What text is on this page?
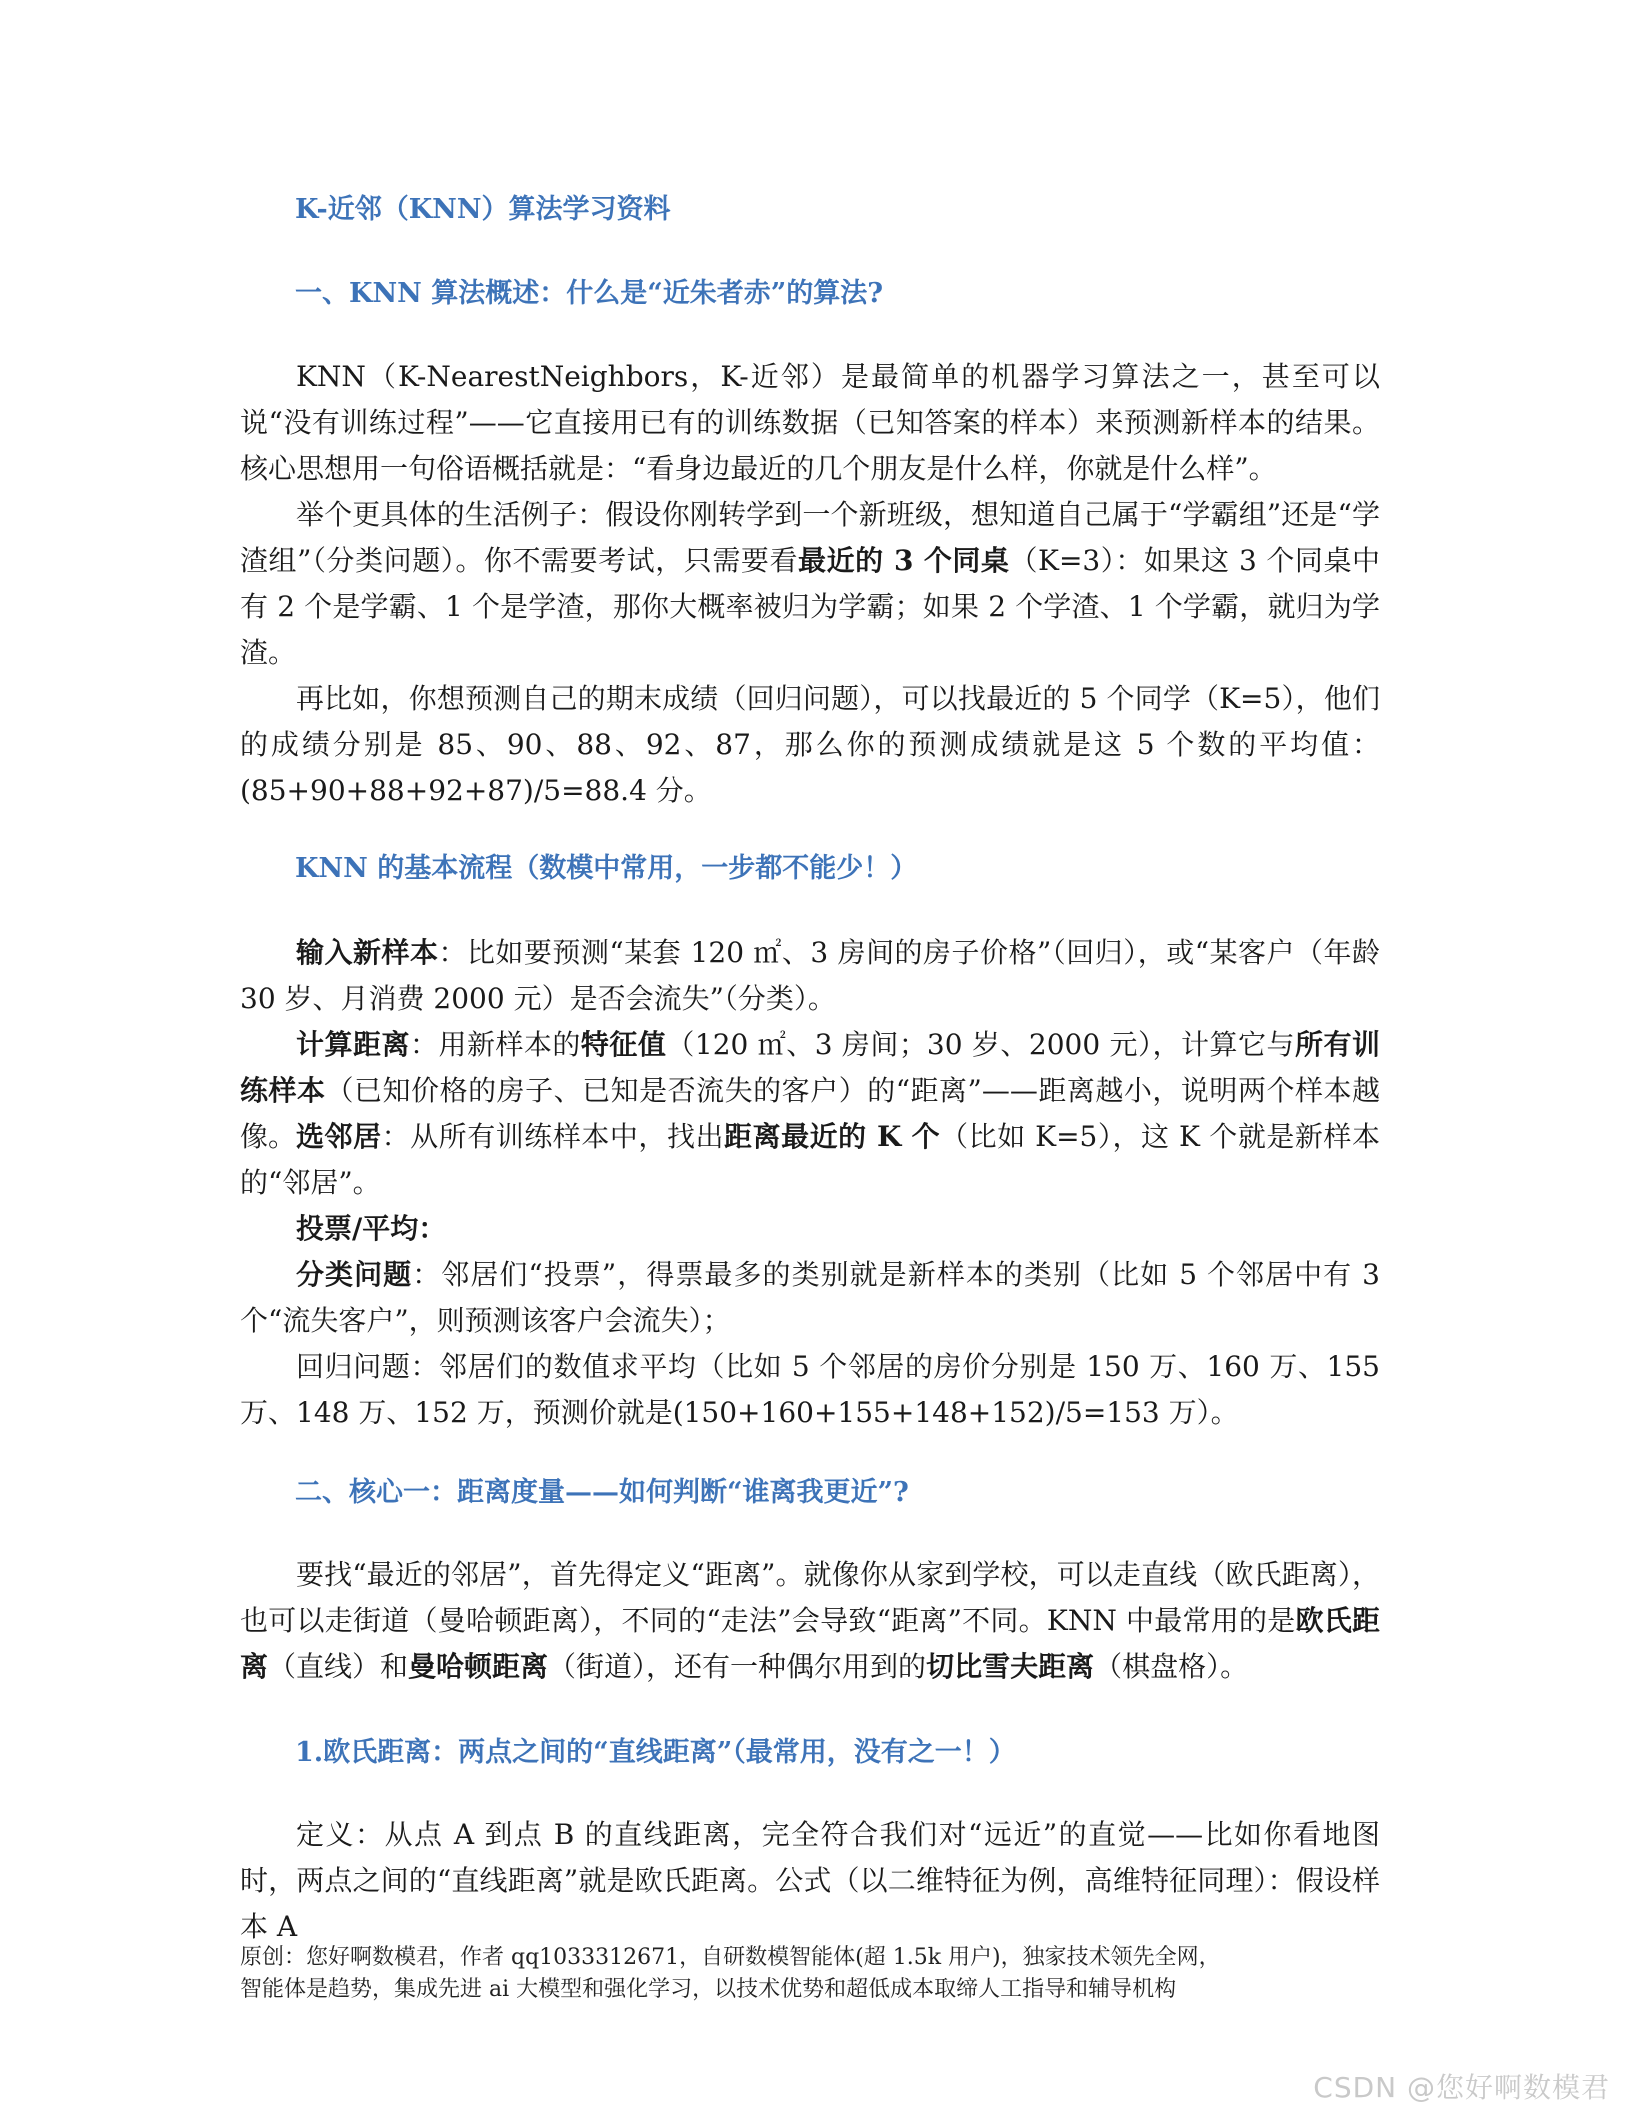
K-近邻（KNN）算法学习资料
一、KNN 算法概述：什么是“近朱者赤”的算法?

KNN（K-NearestNeighbors，K-近邻）是最简单的机器学习算法之一，甚至可以说“没有训练过程”——它直接用已有的训练数据（已知答案的样本）来预测新样本的结果。核心思想用一句俗语概括就是：“看身边最近的几个朋友是什么样，你就是什么样”。

举个更具体的生活例子：假设你刚转学到一个新班级，想知道自己属于“学霸组”还是“学渣组”（分类问题）。你不需要考试，只需要看最近的 3 个同桌（K=3）：如果这 3 个同桌中有 2 个是学霸、1 个是学渣，那你大概率被归为学霸；如果 2 个学渣、1 个学霸，就归为学渣。

再比如，你想预测自己的期末成绩（回归问题），可以找最近的 5 个同学（K=5），他们的成绩分别是 85、90、88、92、87，那么你的预测成绩就是这 5 个数的平均值：(85+90+88+92+87)/5=88.4 分。

KNN 的基本流程（数模中常用，一步都不能少！）

输入新样本：比如要预测“某套 120 ㎡、3 房间的房子价格”（回归），或“某客户（年龄 30 岁、月消费 2000 元）是否会流失”（分类）。

计算距离：用新样本的特征值（120 ㎡、3 房间；30 岁、2000 元），计算它与所有训练样本（已知价格的房子、已知是否流失的客户）的“距离”——距离越小，说明两个样本越像。 选邻居：从所有训练样本中，找出距离最近的 K 个（比如 K=5），这 K 个就是新样本的“邻居”。

投票/平均：

分类问题：邻居们“投票”，得票最多的类别就是新样本的类别（比如 5 个邻居中有 3 个“流失客户”，则预测该客户会流失）；

回归问题：邻居们的数值求平均（比如 5 个邻居的房价分别是 150 万、160 万、155 万、148 万、152 万，预测价就是(150+160+155+148+152)/5=153 万）。

二、核心一：距离度量——如何判断“谁离我更近”?

要找“最近的邻居”，首先得定义“距离”。就像你从家到学校，可以走直线（欧氏距离），也可以走街道（曼哈顿距离），不同的“走法”会导致“距离”不同。KNN 中最常用的是欧氏距离（直线）和曼哈顿距离（街道），还有一种偶尔用到的切比雪夫距离（棋盘格）。

1.欧氏距离：两点之间的“直线距离”（最常用，没有之一！）

定义：从点 A 到点 B 的直线距离，完全符合我们对“远近”的直觉——比如你看地图时，两点之间的“直线距离”就是欧氏距离。公式（以二维特征为例，高维特征同理）：假设样本 A

原创：您好啊数模君，作者 qq1033312671，自研数模智能体(超 1.5k 用户)，独家技术领先全网，
智能体是趋势，集成先进 ai 大模型和强化学习，以技术优势和超低成本取缔人工指导和辅导机构
CSDN @您好啊数模君
